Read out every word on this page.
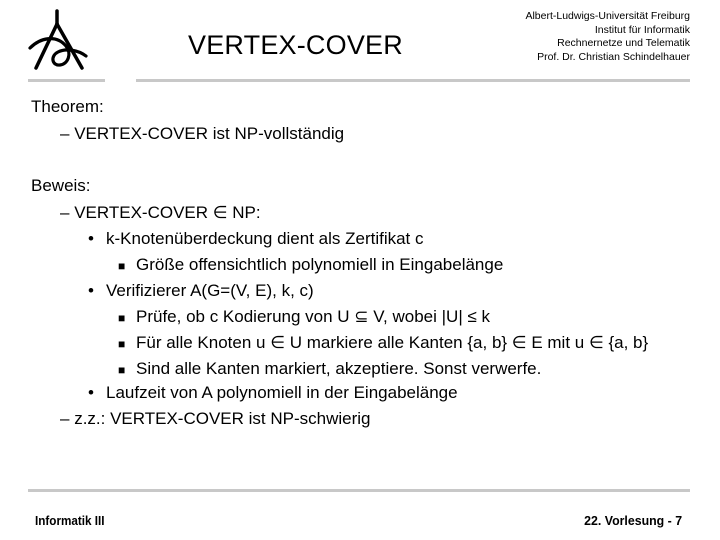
VERTEX-COVER
Albert-Ludwigs-Universität Freiburg
Institut für Informatik
Rechnernetze und Telematik
Prof. Dr. Christian Schindelhauer
Theorem:
– VERTEX-COVER ist NP-vollständig
Beweis:
– VERTEX-COVER ∈ NP:
• k-Knotenüberdeckung dient als Zertifikat c
■ Größe offensichtlich polynomiell in Eingabelänge
• Verifizierer A(G=(V, E), k, c)
■ Prüfe, ob c Kodierung von U ⊆ V, wobei |U| ≤ k
■ Für alle Knoten u ∈ U markiere alle Kanten {a, b} ∈ E mit u ∈ {a, b}
■ Sind alle Kanten markiert, akzeptiere. Sonst verwerfe.
• Laufzeit von A polynomiell in der Eingabelänge
– z.z.: VERTEX-COVER ist NP-schwierig
Informatik III	22. Vorlesung - 7
